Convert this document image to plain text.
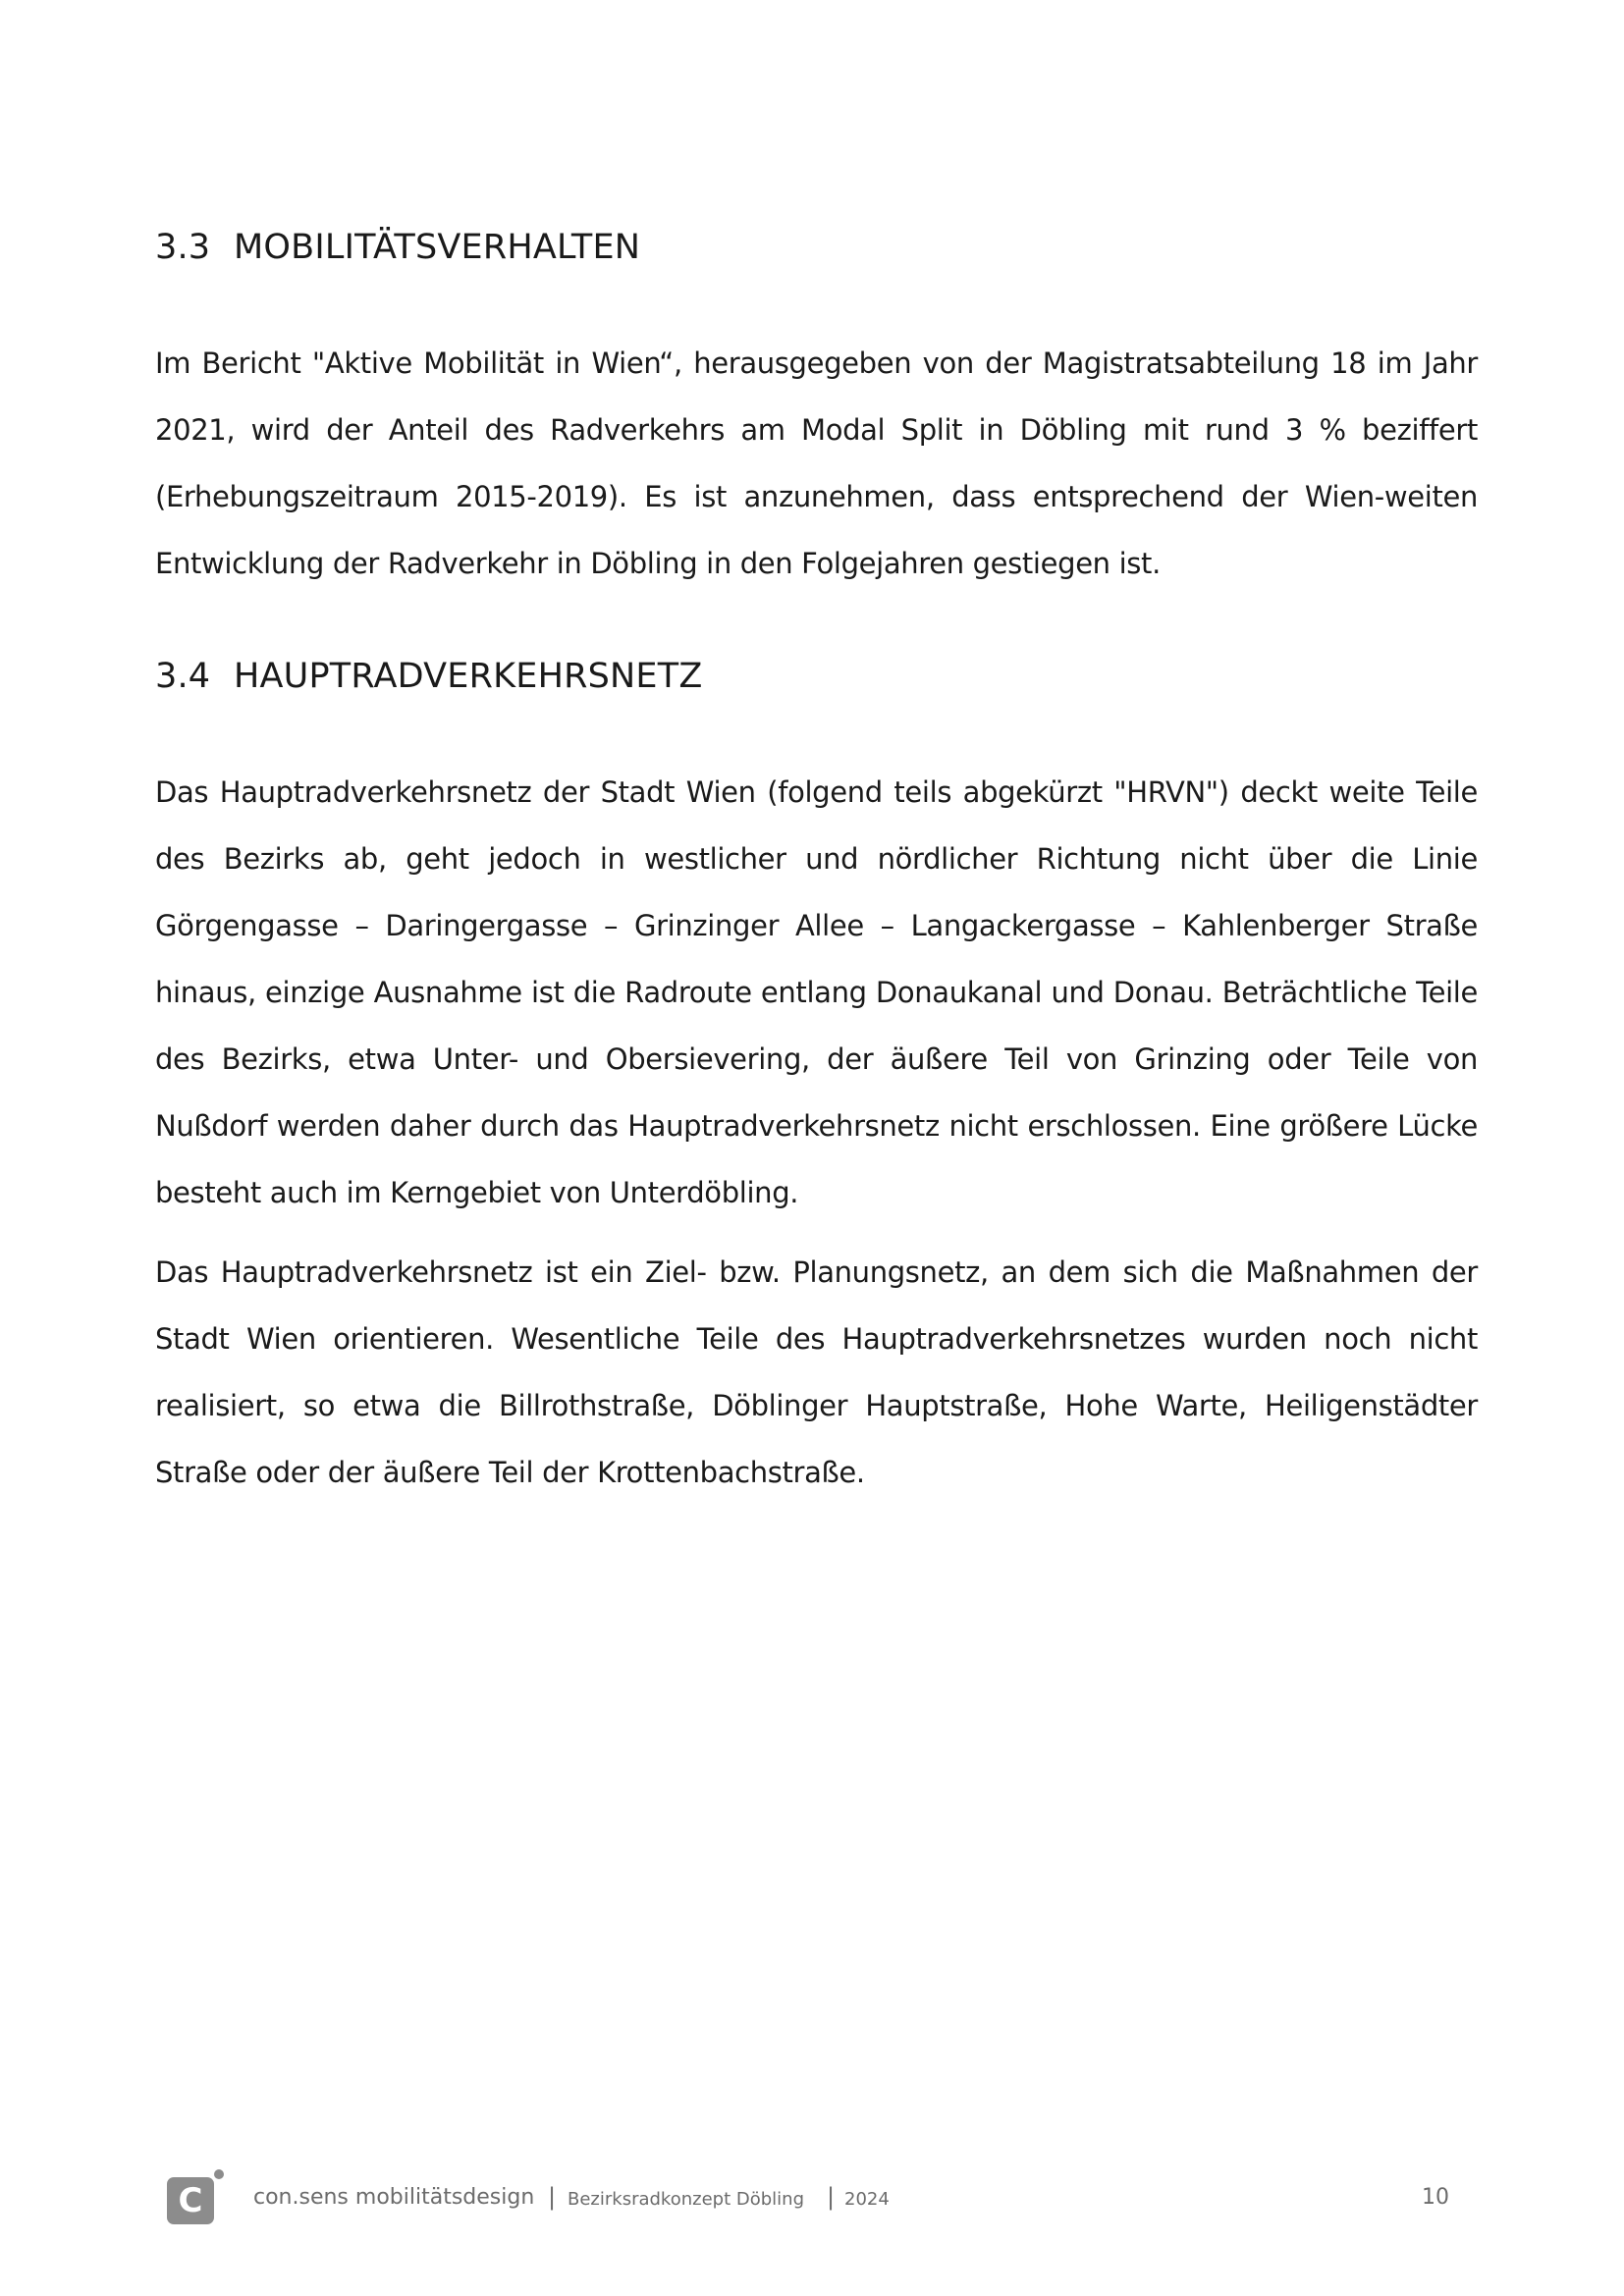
3.3 MOBILITÄTSVERHALTEN

Im Bericht "Aktive Mobilität in Wien“, herausgegeben von der Magistratsabteilung 18 im Jahr 2021, wird der Anteil des Radverkehrs am Modal Split in Döbling mit rund 3 % beziffert (Erhebungszeitraum 2015-2019). Es ist anzunehmen, dass entsprechend der Wien-weiten Entwicklung der Radverkehr in Döbling in den Folgejahren gestiegen ist.

3.4 HAUPTRADVERKEHRSNETZ

Das Hauptradverkehrsnetz der Stadt Wien (folgend teils abgekürzt "HRVN") deckt weite Teile des Bezirks ab, geht jedoch in westlicher und nördlicher Richtung nicht über die Linie Görgengasse – Daringergasse – Grinzinger Allee – Langackergasse – Kahlenberger Straße hinaus, einzige Ausnahme ist die Radroute entlang Donaukanal und Donau. Beträchtliche Teile des Bezirks, etwa Unter- und Obersievering, der äußere Teil von Grinzing oder Teile von Nußdorf werden daher durch das Hauptradverkehrsnetz nicht erschlossen. Eine größere Lücke besteht auch im Kerngebiet von Unterdöbling.

Das Hauptradverkehrsnetz ist ein Ziel- bzw. Planungsnetz, an dem sich die Maßnahmen der Stadt Wien orientieren. Wesentliche Teile des Hauptradverkehrsnetzes wurden noch nicht realisiert, so etwa die Billrothstraße, Döblinger Hauptstraße, Hohe Warte, Heiligenstädter Straße oder der äußere Teil der Krottenbachstraße.

C	con.sens mobilitätsdesign | Bezirksradkonzept Döbling | 2024	10
